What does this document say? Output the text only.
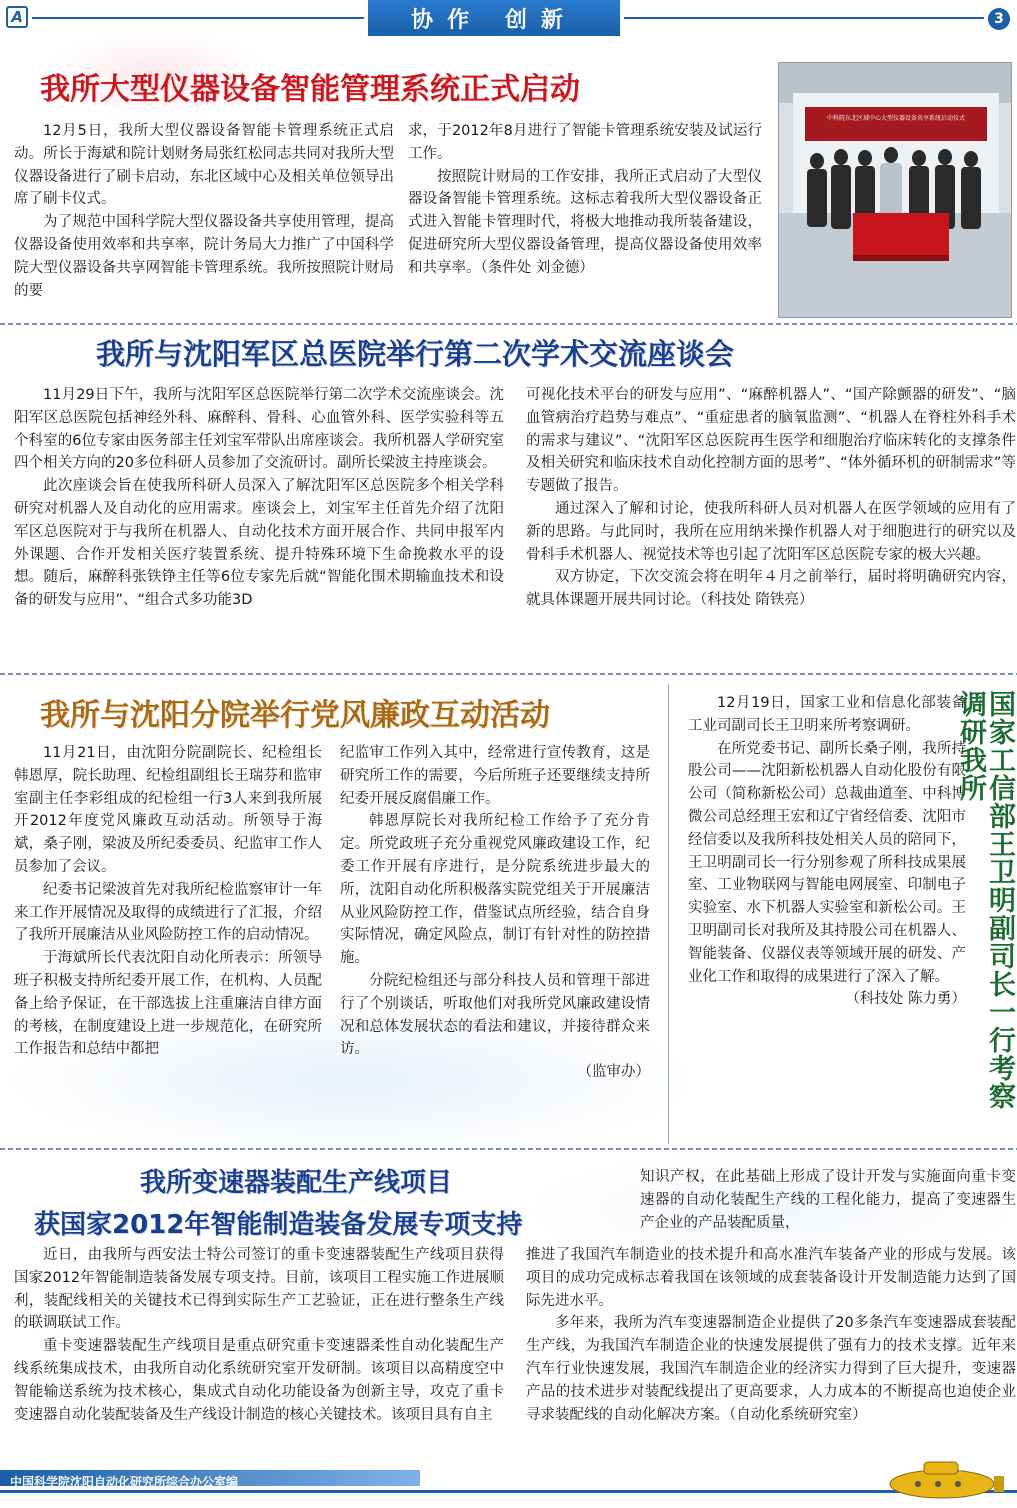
A	协作 创新	3
我所大型仪器设备智能管理系统正式启动

12月5日，我所大型仪器设备智能卡管理系统正式启动。所长于海斌和院计划财务局张红松同志共同对我所大型仪器设备进行了刷卡启动，东北区域中心及相关单位领导出席了刷卡仪式。

为了规范中国科学院大型仪器设备共享使用管理，提高仪器设备使用效率和共享率，院计务局大力推广了中国科学院大型仪器设备共享网智能卡管理系统。我所按照院计财局的要

求，于2012年8月进行了智能卡管理系统安装及试运行工作。

按照院计财局的工作安排，我所正式启动了大型仪器设备智能卡管理系统。这标志着我所大型仪器设备正式进入智能卡管理时代，将极大地推动我所装备建设，促进研究所大型仪器设备管理，提高仪器设备使用效率和共享率。（条件处 刘金德）

中科院东北区域中心大型仪器设备共享系统启动仪式
我所与沈阳军区总医院举行第二次学术交流座谈会

11月29日下午，我所与沈阳军区总医院举行第二次学术交流座谈会。沈阳军区总医院包括神经外科、麻醉科、骨科、心血管外科、医学实验科等五个科室的6位专家由医务部主任刘宝军带队出席座谈会。我所机器人学研究室四个相关方向的20多位科研人员参加了交流研讨。副所长梁波主持座谈会。

此次座谈会旨在使我所科研人员深入了解沈阳军区总医院多个相关学科研究对机器人及自动化的应用需求。座谈会上，刘宝军主任首先介绍了沈阳军区总医院对于与我所在机器人、自动化技术方面开展合作、共同申报军内外课题、合作开发相关医疗装置系统、提升特殊环境下生命挽救水平的设想。随后，麻醉科张铁铮主任等6位专家先后就“智能化围术期输血技术和设备的研发与应用”、“组合式多功能3D

可视化技术平台的研发与应用”、“麻醉机器人”、“国产除颤器的研发”、“脑血管病治疗趋势与难点”、“重症患者的脑氧监测”、“机器人在脊柱外科手术的需求与建议”、“沈阳军区总医院再生医学和细胞治疗临床转化的支撑条件及相关研究和临床技术自动化控制方面的思考”、“体外循环机的研制需求”等专题做了报告。

通过深入了解和讨论，使我所科研人员对机器人在医学领域的应用有了新的思路。与此同时，我所在应用纳米操作机器人对于细胞进行的研究以及骨科手术机器人、视觉技术等也引起了沈阳军区总医院专家的极大兴趣。

双方协定，下次交流会将在明年４月之前举行，届时将明确研究内容，就具体课题开展共同讨论。（科技处 隋铁亮）

我所与沈阳分院举行党风廉政互动活动

11月21日，由沈阳分院副院长、纪检组长韩恩厚，院长助理、纪检组副组长王瑞芬和监审室副主任李彩组成的纪检组一行3人来到我所展开2012年度党风廉政互动活动。所领导于海斌，桑子刚，梁波及所纪委委员、纪监审工作人员参加了会议。

纪委书记梁波首先对我所纪检监察审计一年来工作开展情况及取得的成绩进行了汇报，介绍了我所开展廉洁从业风险防控工作的启动情况。

于海斌所长代表沈阳自动化所表示：所领导班子积极支持所纪委开展工作，在机构、人员配备上给予保证，在干部选拔上注重廉洁自律方面的考核，在制度建设上进一步规范化，在研究所工作报告和总结中都把

纪监审工作列入其中，经常进行宣传教育，这是研究所工作的需要，今后所班子还要继续支持所纪委开展反腐倡廉工作。

韩恩厚院长对我所纪检工作给予了充分肯定。所党政班子充分重视党风廉政建设工作，纪委工作开展有序进行，是分院系统进步最大的所，沈阳自动化所积极落实院党组关于开展廉洁从业风险防控工作，借鉴试点所经验，结合自身实际情况，确定风险点，制订有针对性的防控措施。

分院纪检组还与部分科技人员和管理干部进行了个别谈话，听取他们对我所党风廉政建设情况和总体发展状态的看法和建议，并接待群众来访。

（监审办）

12月19日，国家工业和信息化部装备工业司副司长王卫明来所考察调研。

在所党委书记、副所长桑子刚，我所持股公司——沈阳新松机器人自动化股份有限公司（简称新松公司）总裁曲道奎、中科博微公司总经理王宏和辽宁省经信委、沈阳市经信委以及我所科技处相关人员的陪同下，王卫明副司长一行分别参观了所科技成果展室、工业物联网与智能电网展室、印制电子实验室、水下机器人实验室和新松公司。王卫明副司长对我所及其持股公司在机器人、智能装备、仪器仪表等领域开展的研发、产业化工作和取得的成果进行了深入了解。

（科技处 陈力勇） 国家工信部王卫明副司长一行考察调研我所
我所变速器装配生产线项目
获国家2012年智能制造装备发展专项支持

知识产权，在此基础上形成了设计开发与实施面向重卡变速器的自动化装配生产线的工程化能力，提高了变速器生产企业的产品装配质量，

近日，由我所与西安法士特公司签订的重卡变速器装配生产线项目获得国家2012年智能制造装备发展专项支持。目前，该项目工程实施工作进展顺利，装配线相关的关键技术已得到实际生产工艺验证，正在进行整条生产线的联调联试工作。

重卡变速器装配生产线项目是重点研究重卡变速器柔性自动化装配生产线系统集成技术，由我所自动化系统研究室开发研制。该项目以高精度空中智能输送系统为技术核心，集成式自动化功能设备为创新主导，攻克了重卡变速器自动化装配装备及生产线设计制造的核心关键技术。该项目具有自主

推进了我国汽车制造业的技术提升和高水准汽车装备产业的形成与发展。该项目的成功完成标志着我国在该领域的成套装备设计开发制造能力达到了国际先进水平。

多年来，我所为汽车变速器制造企业提供了20多条汽车变速器成套装配生产线，为我国汽车制造企业的快速发展提供了强有力的技术支撑。近年来汽车行业快速发展，我国汽车制造企业的经济实力得到了巨大提升，变速器产品的技术进步对装配线提出了更高要求，人力成本的不断提高也迫使企业寻求装配线的自动化解决方案。（自动化系统研究室）

中国科学院沈阳自动化研究所综合办公室编
